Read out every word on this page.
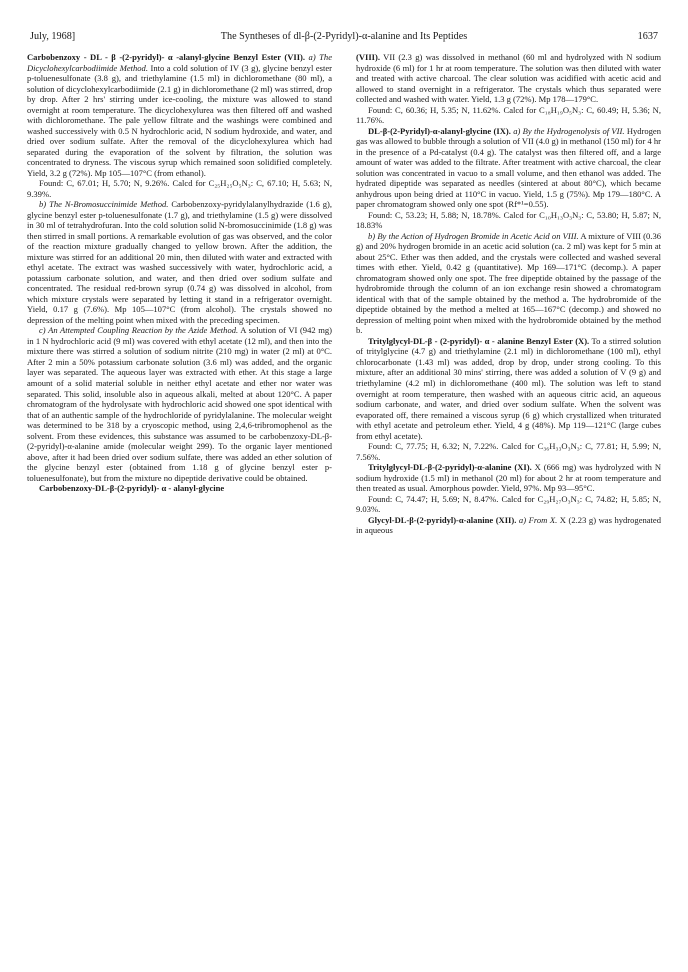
July, 1968]	The Syntheses of dl-β-(2-Pyridyl)-α-alanine and Its Peptides	1637

Carbobenzoxy - DL - β -(2-pyridyl)- α -alanyl-glycine Benzyl Ester (VII). a) The Dicyclohexylcarbodiimide Method. Into a cold solution of IV (3 g), glycine benzyl ester p-toluenesulfonate (3.8 g), and triethylamine (1.5 ml) in dichloromethane (80 ml), a solution of dicyclohexylcarbodiimide (2.1 g) in dichloromethane (2 ml) was stirred, drop by drop. After 2 hrs' stirring under ice-cooling, the mixture was allowed to stand overnight at room temperature. The dicyclohexylurea was then filtered off and washed with dichloromethane. The pale yellow filtrate and the washings were combined and washed successively with 0.5 N hydrochloric acid, N sodium hydroxide, and water, and dried over sodium sulfate. After the removal of the dicyclohexylurea which had separated during the evaporation of the solvent by filtration, the solution was concentrated to dryness. The viscous syrup which remained soon solidified completely. Yield, 3.2 g (72%). Mp 105—107°C (from ethanol).

Found: C, 67.01; H, 5.70; N, 9.26%. Calcd for C₂₅H₂₅O₅N₃: C, 67.10; H, 5.63; N, 9.39%.

b) The N-Bromosuccinimide Method. Carbobenzoxy-pyridylalanylhydrazide (1.6 g), glycine benzyl ester p-toluenesulfonate (1.7 g), and triethylamine (1.5 g) were dissolved in 30 ml of tetrahydrofuran. Into the cold solution solid N-bromosuccinimide (1.8 g) was then stirred in small portions. A remarkable evolution of gas was observed, and the color of the reaction mixture gradually changed to yellow brown. After the addition, the mixture was stirred for an additional 20 min, then diluted with water and extracted with ethyl acetate. The extract was washed successively with water, hydrochloric acid, a potassium carbonate solution, and water, and then dried over sodium sulfate and concentrated. The residual red-brown syrup (0.74 g) was dissolved in alcohol, from which mixture crystals were separated by letting it stand in a refrigerator overnight. Yield, 0.17 g (7.6%). Mp 105—107°C (from alcohol). The crystals showed no depression of the melting point when mixed with the preceding specimen.

c) An Attempted Coupling Reaction by the Azide Method. A solution of VI (942 mg) in 1 N hydrochloric acid (9 ml) was covered with ethyl acetate (12 ml), and then into the mixture there was stirred a solution of sodium nitrite (210 mg) in water (2 ml) at 0°C. After 2 min a 50% potassium carbonate solution (3.6 ml) was added, and the organic layer was separated. The aqueous layer was extracted with ether. At this stage a large amount of a solid material soluble in neither ethyl acetate and ether nor water was separated. This solid, insoluble also in aqueous alkali, melted at about 120°C. A paper chromatogram of the hydrolysate with hydrochloric acid showed one spot identical with that of an authentic sample of the hydrochloride of pyridylalanine. The molecular weight was determined to be 318 by a cryoscopic method, using 2,4,6-tribromophenol as the solvent. From these evidences, this substance was assumed to be carbobenzoxy-DL-β-(2-pyridyl)-α-alanine amide (molecular weight 299). To the organic layer mentioned above, after it had been dried over sodium sulfate, there was added an ether solution of the glycine benzyl ester (obtained from 1.18 g of glycine benzyl ester p-toluenesulfonate), but from the mixture no dipeptide derivative could be obtained.

Carbobenzoxy-DL-β-(2-pyridyl)- α - alanyl-glycine

(VIII). VII (2.3 g) was dissolved in methanol (60 ml and hydrolyzed with N sodium hydroxide (6 ml) for 1 hr at room temperature. The solution was then diluted with water and treated with active charcoal. The clear solution was acidified with acetic acid and allowed to stand overnight in a refrigerator. The crystals which thus separated were collected and washed with water. Yield, 1.3 g (72%). Mp 178—179°C.

Found: C, 60.36; H, 5.35; N, 11.62%. Calcd for C₁₈H₁₉O₅N₃: C, 60.49; H, 5.36; N, 11.76%.

DL-β-(2-Pyridyl)-α-alanyl-glycine (IX). a) By the Hydrogenolysis of VII. Hydrogen gas was allowed to bubble through a solution of VII (4.0 g) in methanol (150 ml) for 4 hr in the presence of a Pd-catalyst (0.4 g). The catalyst was then filtered off, and a large amount of water was added to the filtrate. After treatment with active charcoal, the clear solution was concentrated in vacuo to a small volume, and then ethanol was added. The hydrated dipeptide was separated as needles (sintered at about 80°C), which became anhydrous upon being dried at 110°C in vacuo. Yield, 1.5 g (75%). Mp 179—180°C. A paper chromatogram showed only one spot (Rf*¹=0.55).

Found: C, 53.23; H, 5.88; N, 18.78%. Calcd for C₁₀H₁₃O₃N₃: C, 53.80; H, 5.87; N, 18.83%

b) By the Action of Hydrogen Bromide in Acetic Acid on VIII. A mixture of VIII (0.36 g) and 20% hydrogen bromide in an acetic acid solution (ca. 2 ml) was kept for 5 min at about 25°C. Ether was then added, and the crystals were collected and washed several times with ether. Yield, 0.42 g (quantitative). Mp 169—171°C (decomp.). A paper chromatogram showed only one spot. The free dipeptide obtained by the passage of the hydrobromide through the column of an ion exchange resin showed a chromatogram identical with that of the sample obtained by the method a. The hydrobromide of the dipeptide obtained by the method a melted at 165—167°C (decomp.) and showed no depression of melting point when mixed with the hydrobromide obtained by the method b.

Tritylglycyl-DL-β - (2-pyridyl)- α - alanine Benzyl Ester (X). To a stirred solution of tritylglycine (4.7 g) and triethylamine (2.1 ml) in dichloromethane (100 ml), ethyl chlorocarbonate (1.43 ml) was added, drop by drop, under strong cooling. To this mixture, after an additional 30 mins' stirring, there was added a solution of V (9 g) and triethylamine (4.2 ml) in dichloromethane (400 ml). The solution was left to stand overnight at room temperature, then washed with an aqueous citric acid, an aqueous sodium carbonate, and water, and dried over sodium sulfate. When the solvent was evaporated off, there remained a viscous syrup (6 g) which crystallized when triturated with ethyl acetate and petroleum ether. Yield, 4 g (48%). Mp 119—121°C (large cubes from ethyl acetate).

Found: C, 77.75; H, 6.32; N, 7.22%. Calcd for C₃₆H₃₃O₃N₃: C, 77.81; H, 5.99; N, 7.56%.

Tritylglycyl-DL-β-(2-pyridyl)-α-alanine (XI). X (666 mg) was hydrolyzed with N sodium hydroxide (1.5 ml) in methanol (20 ml) for about 2 hr at room temperature and then treated as usual. Amorphous powder. Yield, 97%. Mp 93—95°C.

Found: C, 74.47; H, 5.69; N, 8.47%. Calcd for C₂₉H₂₇O₃N₃: C, 74.82; H, 5.85; N, 9.03%.

Glycyl-DL-β-(2-pyridyl)-α-alanine (XII). a) From X. X (2.23 g) was hydrogenated in aqueous
